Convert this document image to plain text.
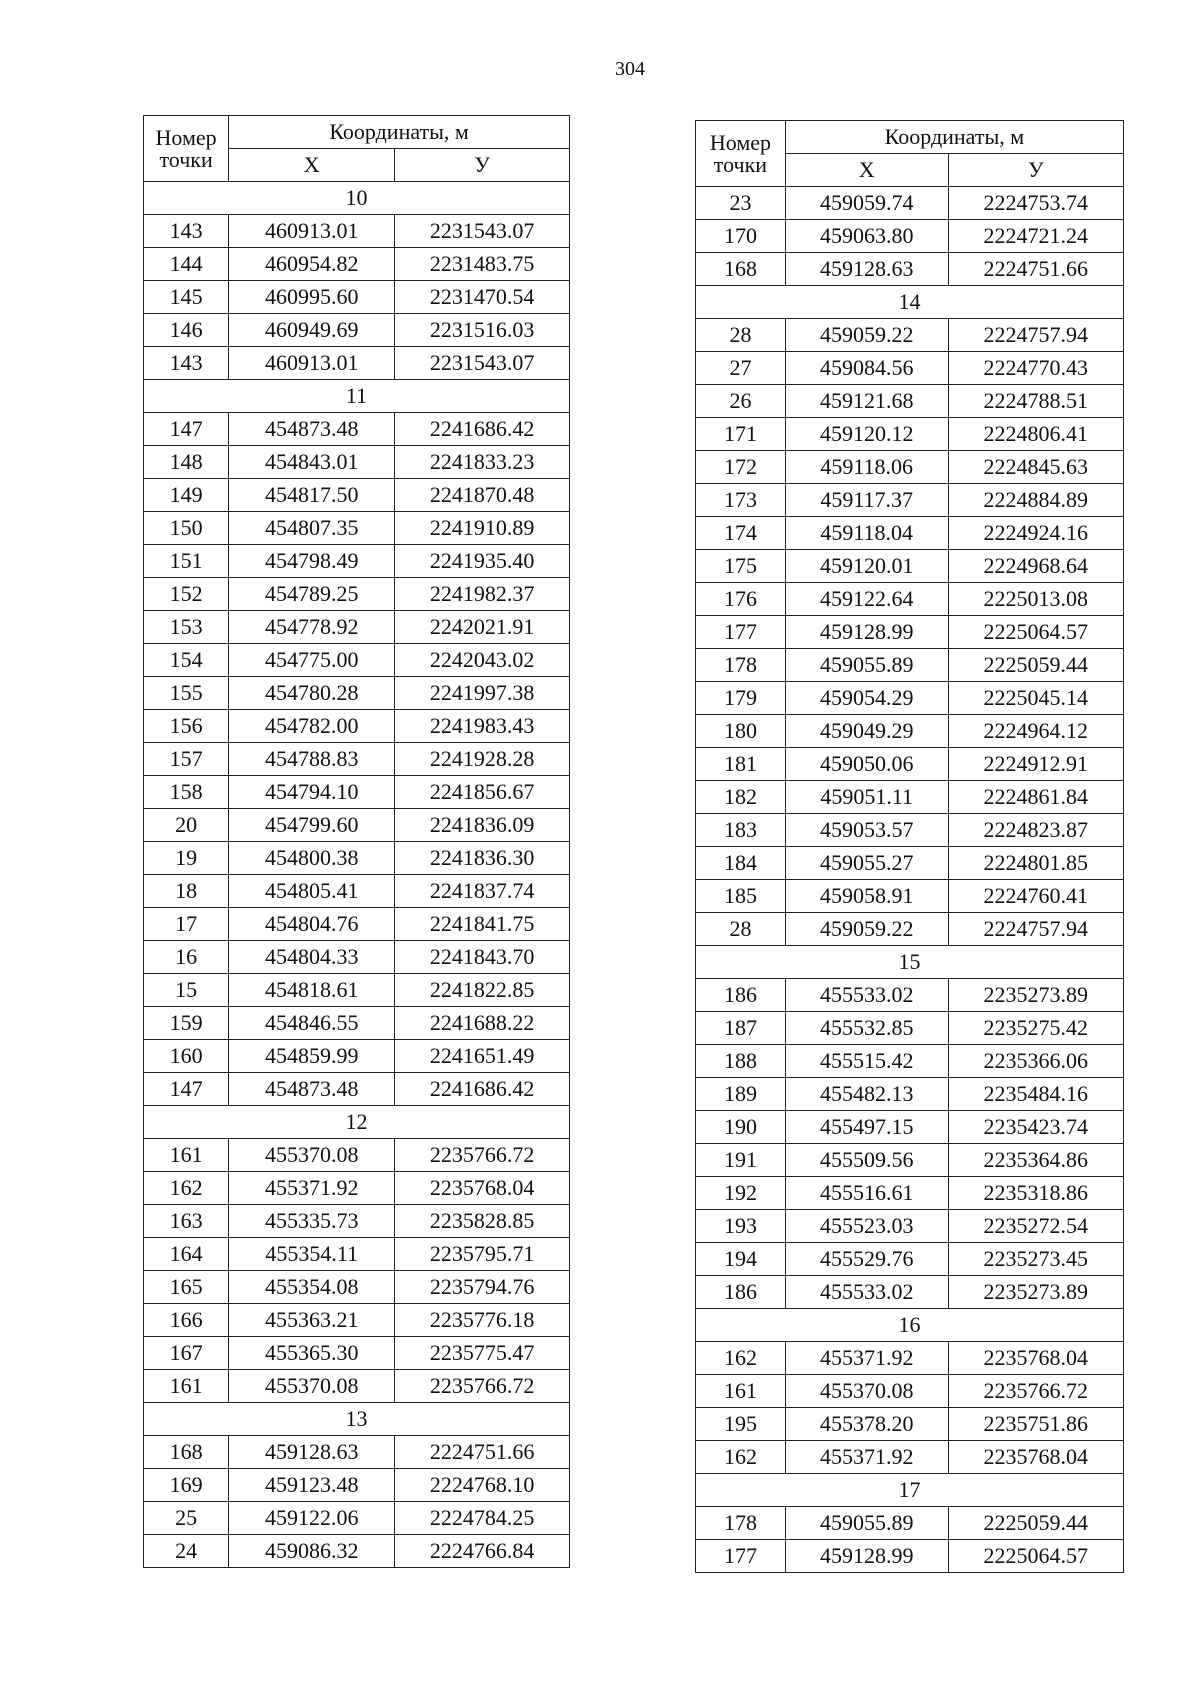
304
Номер
точки	Координаты, м	
	Х	У
10		
143	460913.01	2231543.07
144	460954.82	2231483.75
145	460995.60	2231470.54
146	460949.69	2231516.03
143	460913.01	2231543.07
11		
147	454873.48	2241686.42
148	454843.01	2241833.23
149	454817.50	2241870.48
150	454807.35	2241910.89
151	454798.49	2241935.40
152	454789.25	2241982.37
153	454778.92	2242021.91
154	454775.00	2242043.02
155	454780.28	2241997.38
156	454782.00	2241983.43
157	454788.83	2241928.28
158	454794.10	2241856.67
20	454799.60	2241836.09
19	454800.38	2241836.30
18	454805.41	2241837.74
17	454804.76	2241841.75
16	454804.33	2241843.70
15	454818.61	2241822.85
159	454846.55	2241688.22
160	454859.99	2241651.49
147	454873.48	2241686.42
12		
161	455370.08	2235766.72
162	455371.92	2235768.04
163	455335.73	2235828.85
164	455354.11	2235795.71
165	455354.08	2235794.76
166	455363.21	2235776.18
167	455365.30	2235775.47
161	455370.08	2235766.72
13		
168	459128.63	2224751.66
169	459123.48	2224768.10
25	459122.06	2224784.25
24	459086.32	2224766.84
Номер
точки	Координаты, м	
	Х	У
23	459059.74	2224753.74
170	459063.80	2224721.24
168	459128.63	2224751.66
14		
28	459059.22	2224757.94
27	459084.56	2224770.43
26	459121.68	2224788.51
171	459120.12	2224806.41
172	459118.06	2224845.63
173	459117.37	2224884.89
174	459118.04	2224924.16
175	459120.01	2224968.64
176	459122.64	2225013.08
177	459128.99	2225064.57
178	459055.89	2225059.44
179	459054.29	2225045.14
180	459049.29	2224964.12
181	459050.06	2224912.91
182	459051.11	2224861.84
183	459053.57	2224823.87
184	459055.27	2224801.85
185	459058.91	2224760.41
28	459059.22	2224757.94
15		
186	455533.02	2235273.89
187	455532.85	2235275.42
188	455515.42	2235366.06
189	455482.13	2235484.16
190	455497.15	2235423.74
191	455509.56	2235364.86
192	455516.61	2235318.86
193	455523.03	2235272.54
194	455529.76	2235273.45
186	455533.02	2235273.89
16		
162	455371.92	2235768.04
161	455370.08	2235766.72
195	455378.20	2235751.86
162	455371.92	2235768.04
17		
178	459055.89	2225059.44
177	459128.99	2225064.57
